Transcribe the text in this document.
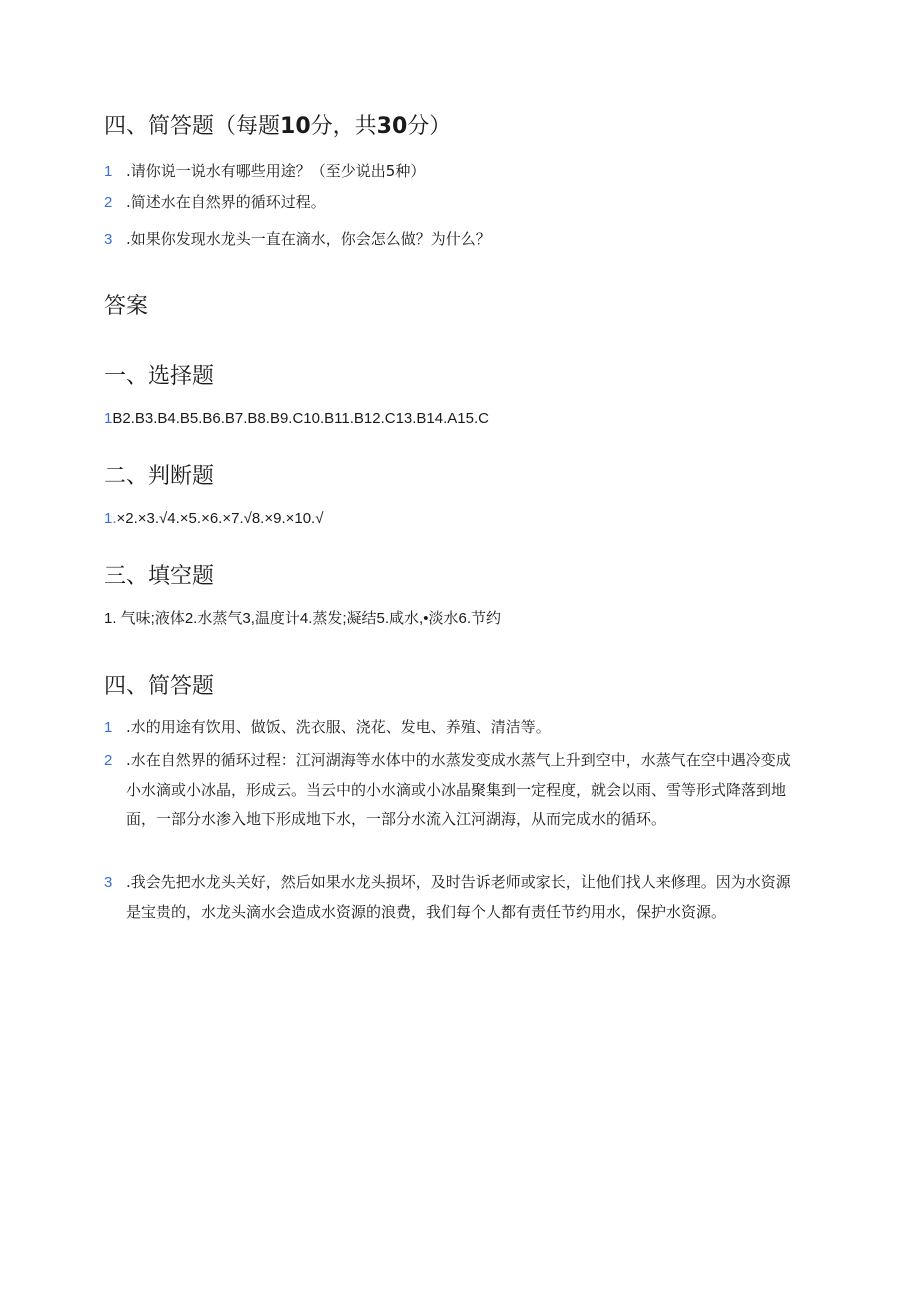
四、简答题（每题10分，共30分）
1 .请你说一说水有哪些用途？（至少说出5种）
2 .简述水在自然界的循环过程。
3 .如果你发现水龙头一直在滴水，你会怎么做？为什么？
答案
一、选择题
1B2.B3.B4.B5.B6.B7.B8.B9.C10.B11.B12.C13.B14.A15.C
二、判断题
1.×2.×3.√4.×5.×6.×7.√8.×9.×10.√
三、填空题
1. 气味;液体2.水蒸气3,温度计4.蒸发;凝结5.咸水,•淡水6.节约
四、简答题
1 .水的用途有饮用、做饭、洗衣服、浇花、发电、养殖、清洁等。
2 .水在自然界的循环过程：江河湖海等水体中的水蒸发变成水蒸气上升到空中，水蒸气在空中遇冷变成小水滴或小冰晶，形成云。当云中的小水滴或小冰晶聚集到一定程度，就会以雨、雪等形式降落到地面，一部分水渗入地下形成地下水，一部分水流入江河湖海，从而完成水的循环。
3 .我会先把水龙头关好，然后如果水龙头损坏，及时告诉老师或家长，让他们找人来修理。因为水资源是宝贵的，水龙头滴水会造成水资源的浪费，我们每个人都有责任节约用水，保护水资源。
